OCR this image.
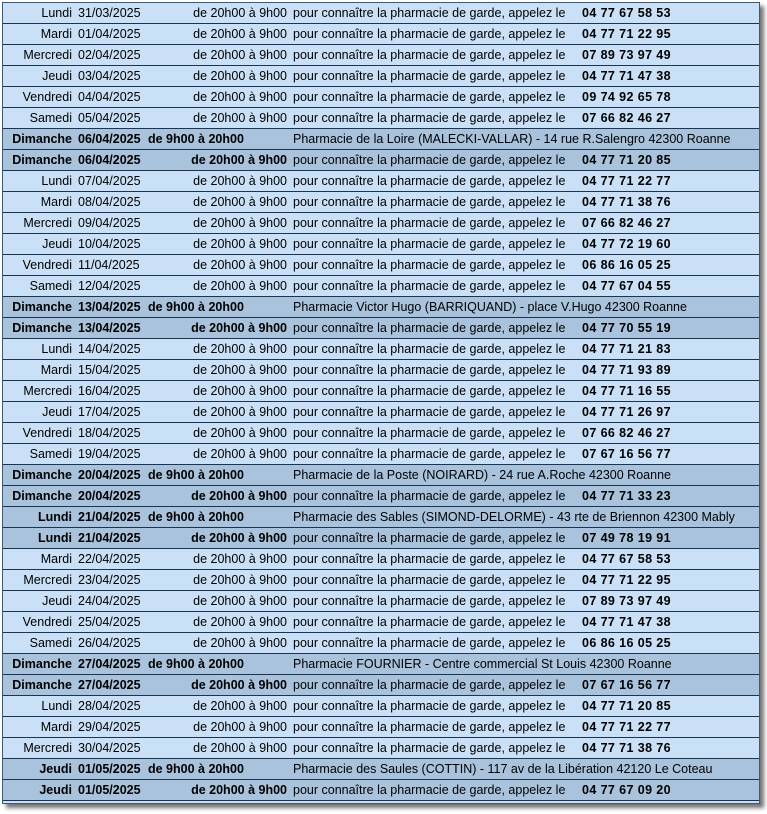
Lundi 31/03/2025	de 20h00 à 9h00 pour connaître la pharmacie de garde, appelez le 04 77 67 58 53
Mardi 01/04/2025	de 20h00 à 9h00 pour connaître la pharmacie de garde, appelez le 04 77 71 22 95
Mercredi 02/04/2025	de 20h00 à 9h00 pour connaître la pharmacie de garde, appelez le 07 89 73 97 49
Jeudi 03/04/2025	de 20h00 à 9h00 pour connaître la pharmacie de garde, appelez le 04 77 71 47 38
Vendredi 04/04/2025	de 20h00 à 9h00 pour connaître la pharmacie de garde, appelez le 09 74 92 65 78
Samedi 05/04/2025	de 20h00 à 9h00 pour connaître la pharmacie de garde, appelez le 07 66 82 46 27
Dimanche 06/04/2025 de 9h00 à 20h00	Pharmacie de la Loire (MALECKI-VALLAR) - 14 rue R.Salengro 42300 Roanne
Dimanche 06/04/2025	de 20h00 à 9h00 pour connaître la pharmacie de garde, appelez le 04 77 71 20 85
Lundi 07/04/2025	de 20h00 à 9h00 pour connaître la pharmacie de garde, appelez le 04 77 71 22 77
Mardi 08/04/2025	de 20h00 à 9h00 pour connaître la pharmacie de garde, appelez le 04 77 71 38 76
Mercredi 09/04/2025	de 20h00 à 9h00 pour connaître la pharmacie de garde, appelez le 07 66 82 46 27
Jeudi 10/04/2025	de 20h00 à 9h00 pour connaître la pharmacie de garde, appelez le 04 77 72 19 60
Vendredi 11/04/2025	de 20h00 à 9h00 pour connaître la pharmacie de garde, appelez le 06 86 16 05 25
Samedi 12/04/2025	de 20h00 à 9h00 pour connaître la pharmacie de garde, appelez le 04 77 67 04 55
Dimanche 13/04/2025 de 9h00 à 20h00	Pharmacie Victor Hugo (BARRIQUAND) - place V.Hugo 42300 Roanne
Dimanche 13/04/2025	de 20h00 à 9h00 pour connaître la pharmacie de garde, appelez le 04 77 70 55 19
Lundi 14/04/2025	de 20h00 à 9h00 pour connaître la pharmacie de garde, appelez le 04 77 71 21 83
Mardi 15/04/2025	de 20h00 à 9h00 pour connaître la pharmacie de garde, appelez le 04 77 71 93 89
Mercredi 16/04/2025	de 20h00 à 9h00 pour connaître la pharmacie de garde, appelez le 04 77 71 16 55
Jeudi 17/04/2025	de 20h00 à 9h00 pour connaître la pharmacie de garde, appelez le 04 77 71 26 97
Vendredi 18/04/2025	de 20h00 à 9h00 pour connaître la pharmacie de garde, appelez le 07 66 82 46 27
Samedi 19/04/2025	de 20h00 à 9h00 pour connaître la pharmacie de garde, appelez le 07 67 16 56 77
Dimanche 20/04/2025 de 9h00 à 20h00	Pharmacie de la Poste (NOIRARD) - 24 rue A.Roche 42300 Roanne
Dimanche 20/04/2025	de 20h00 à 9h00 pour connaître la pharmacie de garde, appelez le 04 77 71 33 23
Lundi 21/04/2025 de 9h00 à 20h00	Pharmacie des Sables (SIMOND-DELORME) - 43 rte de Briennon 42300 Mably
Lundi 21/04/2025	de 20h00 à 9h00 pour connaître la pharmacie de garde, appelez le 07 49 78 19 91
Mardi 22/04/2025	de 20h00 à 9h00 pour connaître la pharmacie de garde, appelez le 04 77 67 58 53
Mercredi 23/04/2025	de 20h00 à 9h00 pour connaître la pharmacie de garde, appelez le 04 77 71 22 95
Jeudi 24/04/2025	de 20h00 à 9h00 pour connaître la pharmacie de garde, appelez le 07 89 73 97 49
Vendredi 25/04/2025	de 20h00 à 9h00 pour connaître la pharmacie de garde, appelez le 04 77 71 47 38
Samedi 26/04/2025	de 20h00 à 9h00 pour connaître la pharmacie de garde, appelez le 06 86 16 05 25
Dimanche 27/04/2025 de 9h00 à 20h00	Pharmacie FOURNIER - Centre commercial St Louis 42300 Roanne
Dimanche 27/04/2025	de 20h00 à 9h00 pour connaître la pharmacie de garde, appelez le 07 67 16 56 77
Lundi 28/04/2025	de 20h00 à 9h00 pour connaître la pharmacie de garde, appelez le 04 77 71 20 85
Mardi 29/04/2025	de 20h00 à 9h00 pour connaître la pharmacie de garde, appelez le 04 77 71 22 77
Mercredi 30/04/2025	de 20h00 à 9h00 pour connaître la pharmacie de garde, appelez le 04 77 71 38 76
Jeudi 01/05/2025 de 9h00 à 20h00	Pharmacie des Saules (COTTIN) - 117 av de la Libération 42120 Le Coteau
Jeudi 01/05/2025	de 20h00 à 9h00 pour connaître la pharmacie de garde, appelez le 04 77 67 09 20
